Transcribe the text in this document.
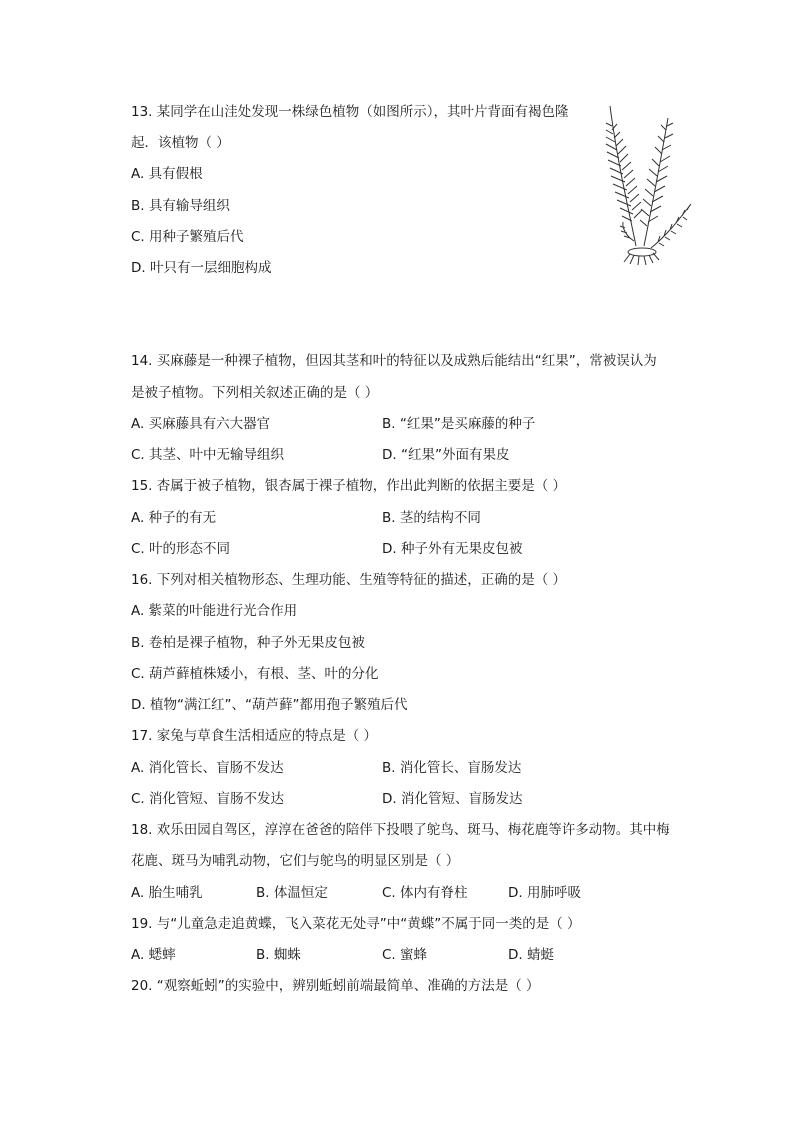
13. 某同学在山洼处发现一株绿色植物（如图所示），其叶片背面有褐色隆
起．该植物（ ）
A. 具有假根
B. 具有输导组织
C. 用种子繁殖后代
D. 叶只有一层细胞构成
14. 买麻藤是一种裸子植物，但因其茎和叶的特征以及成熟后能结出“红果”，常被误认为
是被子植物。下列相关叙述正确的是（ ）
A. 买麻藤具有六大器官	B. “红果”是买麻藤的种子
C. 其茎、叶中无输导组织	D. “红果”外面有果皮
15. 杏属于被子植物，银杏属于裸子植物，作出此判断的依据主要是（ ）
A. 种子的有无	B. 茎的结构不同
C. 叶的形态不同	D. 种子外有无果皮包被
16. 下列对相关植物形态、生理功能、生殖等特征的描述，正确的是（ ）
A. 紫菜的叶能进行光合作用
B. 卷柏是裸子植物，种子外无果皮包被
C. 葫芦藓植株矮小，有根、茎、叶的分化
D. 植物“满江红”、“葫芦藓”都用孢子繁殖后代
17. 家兔与草食生活相适应的特点是（ ）
A. 消化管长、盲肠不发达	B. 消化管长、盲肠发达
C. 消化管短、盲肠不发达	D. 消化管短、盲肠发达
18. 欢乐田园自驾区，淳淳在爸爸的陪伴下投喂了鸵鸟、斑马、梅花鹿等许多动物。其中梅
花鹿、斑马为哺乳动物，它们与鸵鸟的明显区别是（ ）
A. 胎生哺乳	B. 体温恒定	C. 体内有脊柱	D. 用肺呼吸
19. 与“儿童急走追黄蝶，飞入菜花无处寻”中“黄蝶”不属于同一类的是（ ）
A. 蟋蟀	B. 蜘蛛	C. 蜜蜂	D. 蜻蜓
20. “观察蚯蚓”的实验中，辨别蚯蚓前端最简单、准确的方法是（ ）
